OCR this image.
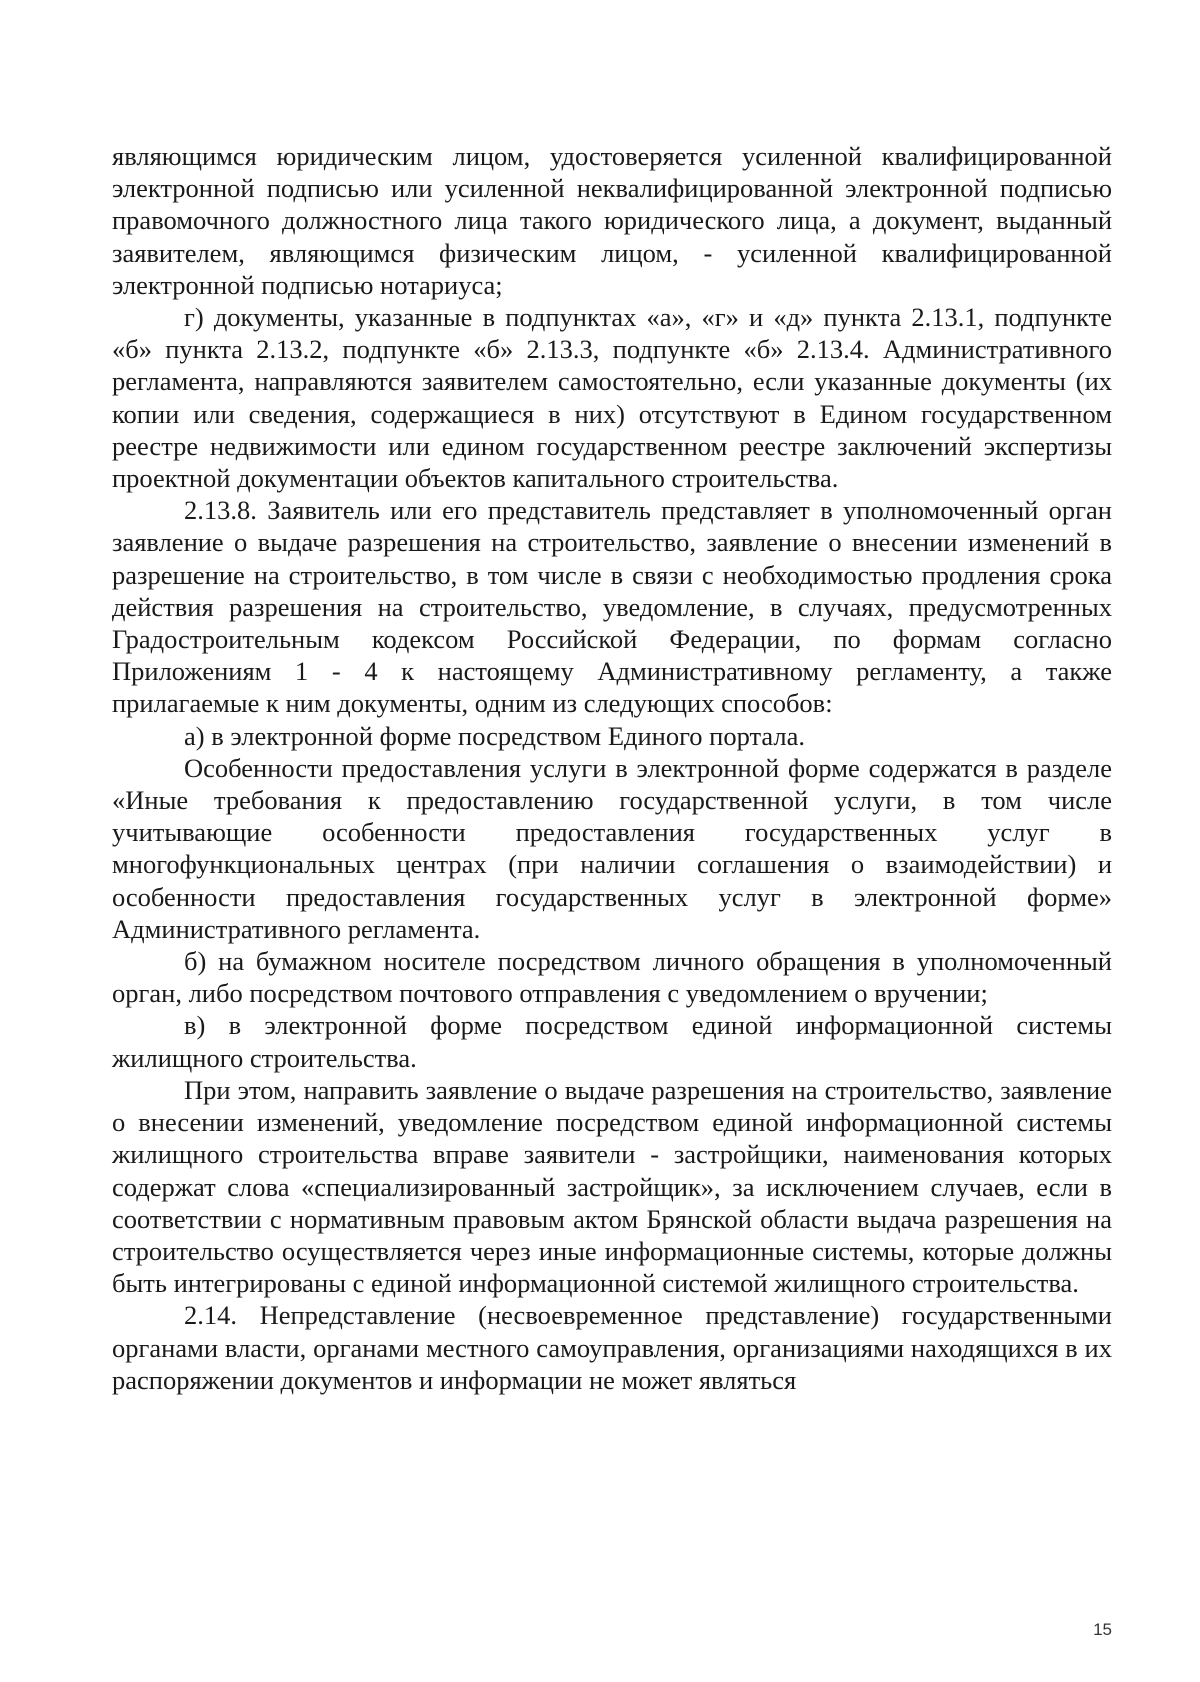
являющимся юридическим лицом, удостоверяется усиленной квалифицированной электронной подписью или усиленной неквалифицированной электронной подписью правомочного должностного лица такого юридического лица, а документ, выданный заявителем, являющимся физическим лицом, - усиленной квалифицированной электронной подписью нотариуса;

г) документы, указанные в подпунктах «а», «г» и «д» пункта 2.13.1, подпункте «б» пункта 2.13.2, подпункте «б» 2.13.3, подпункте «б» 2.13.4. Административного регламента, направляются заявителем самостоятельно, если указанные документы (их копии или сведения, содержащиеся в них) отсутствуют в Едином государственном реестре недвижимости или едином государственном реестре заключений экспертизы проектной документации объектов капитального строительства.

2.13.8. Заявитель или его представитель представляет в уполномоченный орган заявление о выдаче разрешения на строительство, заявление о внесении изменений в разрешение на строительство, в том числе в связи с необходимостью продления срока действия разрешения на строительство, уведомление, в случаях, предусмотренных Градостроительным кодексом Российской Федерации, по формам согласно Приложениям 1 - 4 к настоящему Административному регламенту, а также прилагаемые к ним документы, одним из следующих способов:

а) в электронной форме посредством Единого портала.

Особенности предоставления услуги в электронной форме содержатся в разделе «Иные требования к предоставлению государственной услуги, в том числе учитывающие особенности предоставления государственных услуг в многофункциональных центрах (при наличии соглашения о взаимодействии) и особенности предоставления государственных услуг в электронной форме» Административного регламента.

б) на бумажном носителе посредством личного обращения в уполномоченный орган, либо посредством почтового отправления с уведомлением о вручении;

в) в электронной форме посредством единой информационной системы жилищного строительства.

При этом, направить заявление о выдаче разрешения на строительство, заявление о внесении изменений, уведомление посредством единой информационной системы жилищного строительства вправе заявители - застройщики, наименования которых содержат слова «специализированный застройщик», за исключением случаев, если в соответствии с нормативным правовым актом Брянской области выдача разрешения на строительство осуществляется через иные информационные системы, которые должны быть интегрированы с единой информационной системой жилищного строительства.

2.14. Непредставление (несвоевременное представление) государственными органами власти, органами местного самоуправления, организациями находящихся в их распоряжении документов и информации не может являться

15
